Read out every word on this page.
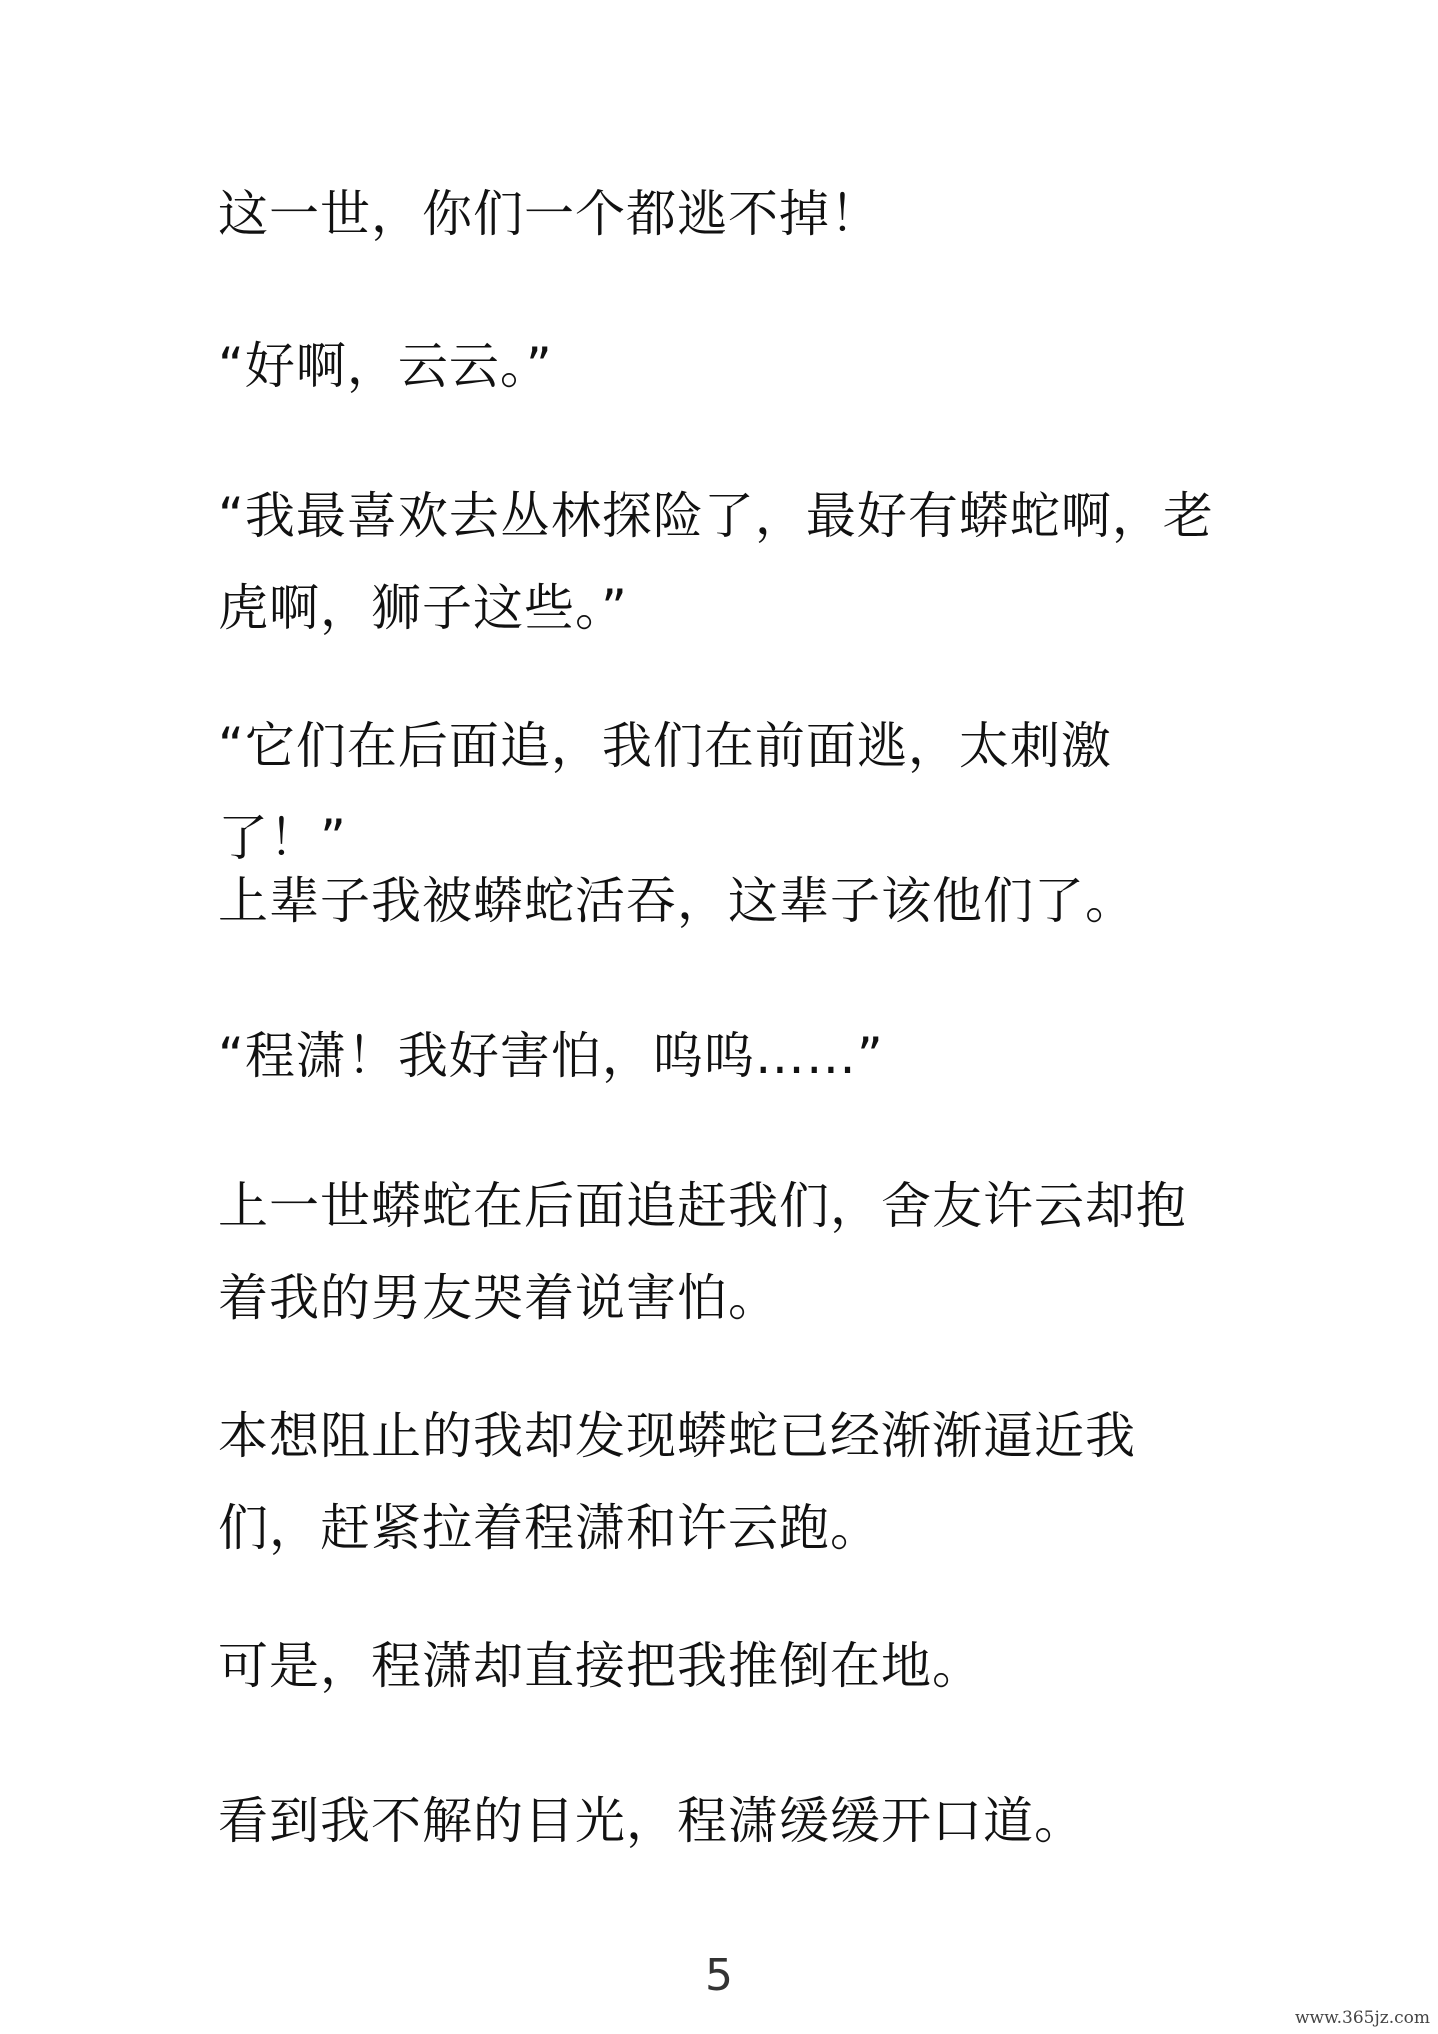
这一世，你们一个都逃不掉！

“好啊，云云。”

“我最喜欢去丛林探险了，最好有蟒蛇啊，老虎啊，狮子这些。”

“它们在后面追，我们在前面逃，太刺激了！”

上辈子我被蟒蛇活吞，这辈子该他们了。

“程潇！我好害怕，呜呜……”

上一世蟒蛇在后面追赶我们，舍友许云却抱着我的男友哭着说害怕。

本想阻止的我却发现蟒蛇已经渐渐逼近我们，赶紧拉着程潇和许云跑。

可是，程潇却直接把我推倒在地。

看到我不解的目光，程潇缓缓开口道。

5
www.365jz.com
